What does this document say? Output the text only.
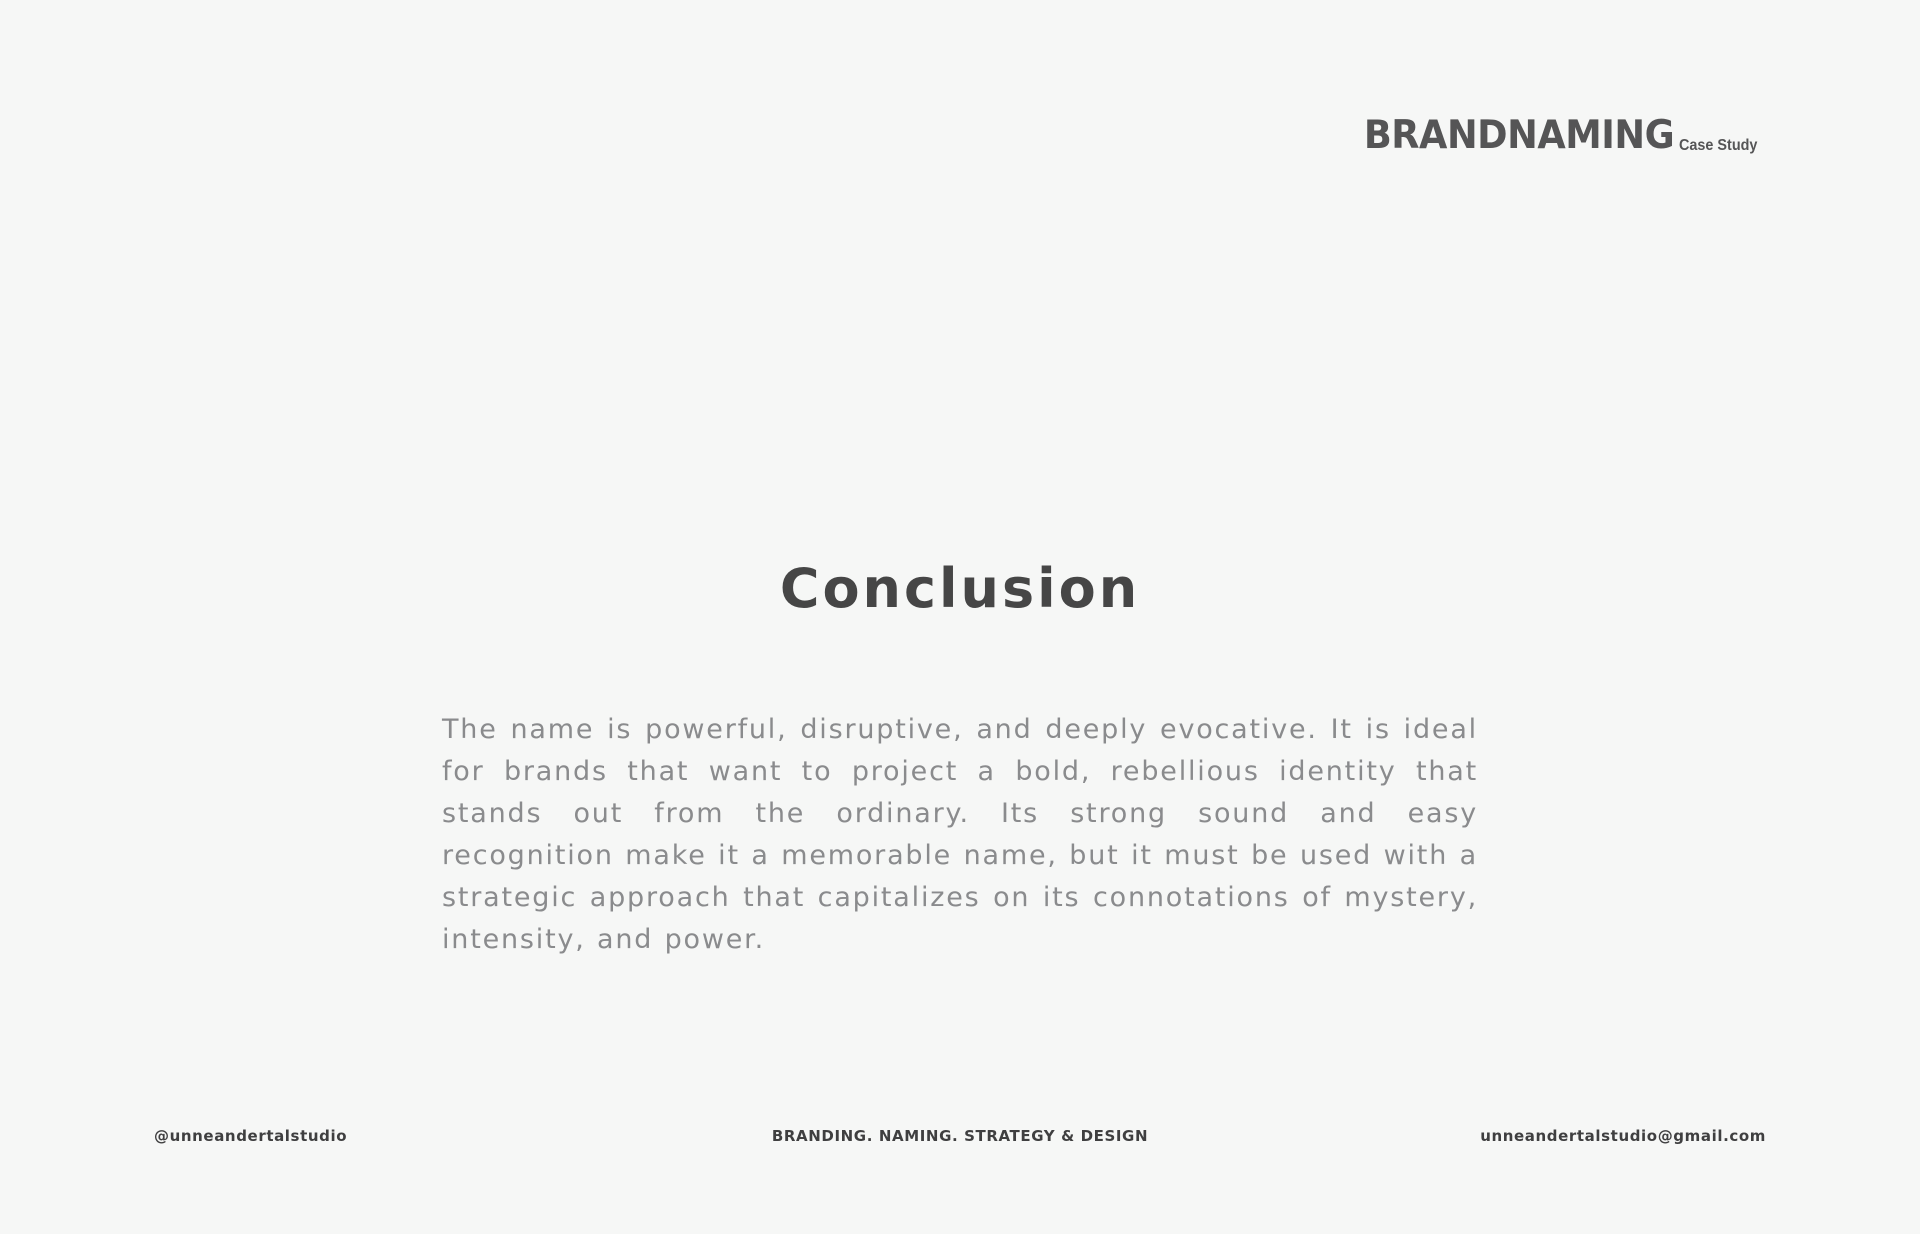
BRANDNAMING Case Study
Conclusion

The name is powerful, disruptive, and deeply evocative. It is ideal for brands that want to project a bold, rebellious identity that stands out from the ordinary. Its strong sound and easy recognition make it a memorable name, but it must be used with a strategic approach that capitalizes on its connotations of mystery, intensity, and power.

@unneandertalstudio	BRANDING. NAMING. STRATEGY & DESIGN	unneandertalstudio@gmail.com
